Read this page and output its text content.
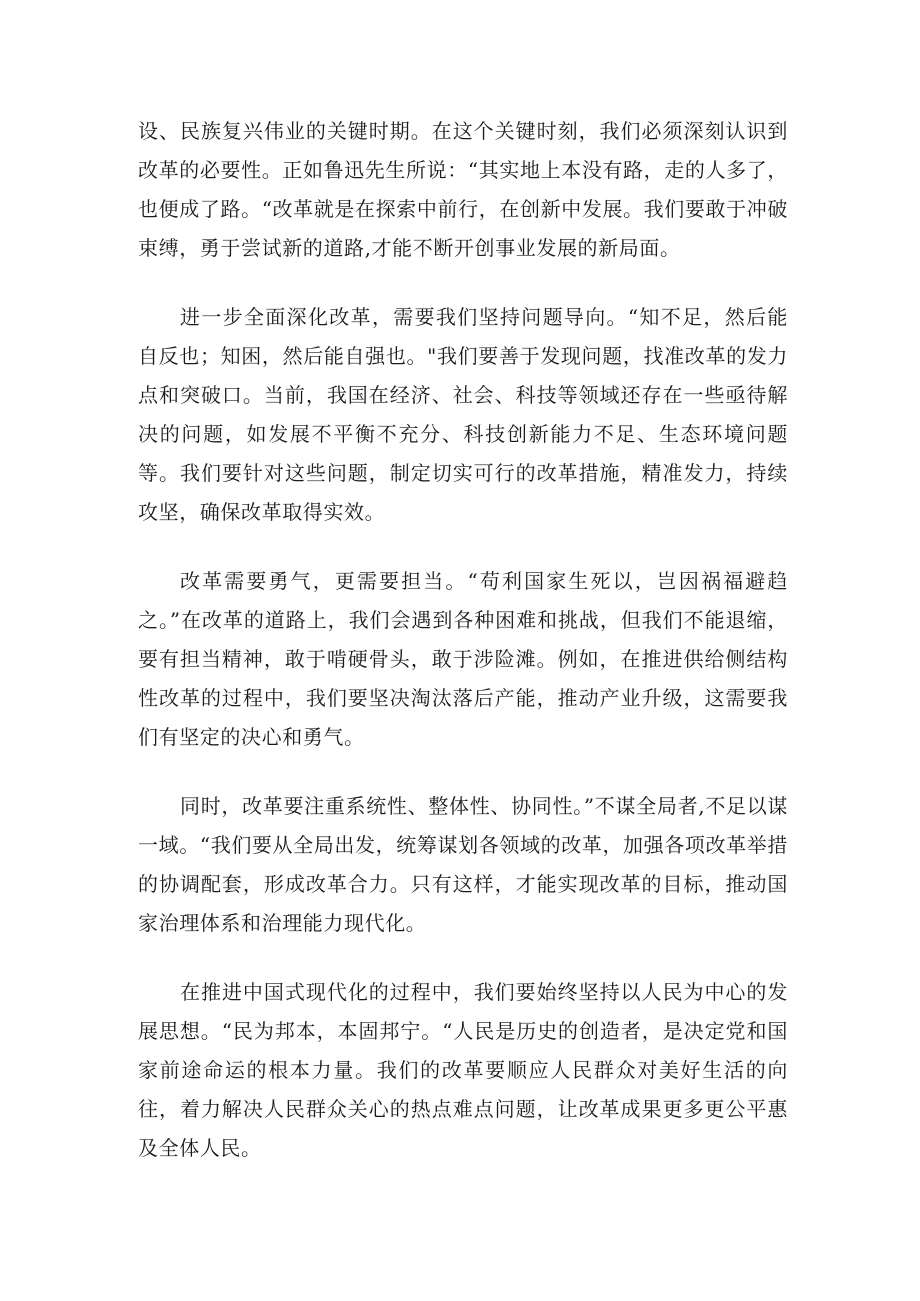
设、民族复兴伟业的关键时期。在这个关键时刻，我们必须深刻认识到改革的必要性。正如鲁迅先生所说：“其实地上本没有路，走的人多了，也便成了路。“改革就是在探索中前行，在创新中发展。我们要敢于冲破束缚，勇于尝试新的道路,才能不断开创事业发展的新局面。

进一步全面深化改革，需要我们坚持问题导向。“知不足，然后能自反也；知困，然后能自强也。"我们要善于发现问题，找准改革的发力点和突破口。当前，我国在经济、社会、科技等领域还存在一些亟待解决的问题，如发展不平衡不充分、科技创新能力不足、生态环境问题等。我们要针对这些问题，制定切实可行的改革措施，精准发力，持续攻坚，确保改革取得实效。

改革需要勇气，更需要担当。“苟利国家生死以，岂因祸福避趋之。”在改革的道路上，我们会遇到各种困难和挑战，但我们不能退缩，要有担当精神，敢于啃硬骨头，敢于涉险滩。例如，在推进供给侧结构性改革的过程中，我们要坚决淘汰落后产能，推动产业升级，这需要我们有坚定的决心和勇气。

同时，改革要注重系统性、整体性、协同性。”不谋全局者,不足以谋一域。“我们要从全局出发，统筹谋划各领域的改革，加强各项改革举措的协调配套，形成改革合力。只有这样，才能实现改革的目标，推动国家治理体系和治理能力现代化。

在推进中国式现代化的过程中，我们要始终坚持以人民为中心的发展思想。“民为邦本，本固邦宁。“人民是历史的创造者，是决定党和国家前途命运的根本力量。我们的改革要顺应人民群众对美好生活的向往，着力解决人民群众关心的热点难点问题，让改革成果更多更公平惠及全体人民。
